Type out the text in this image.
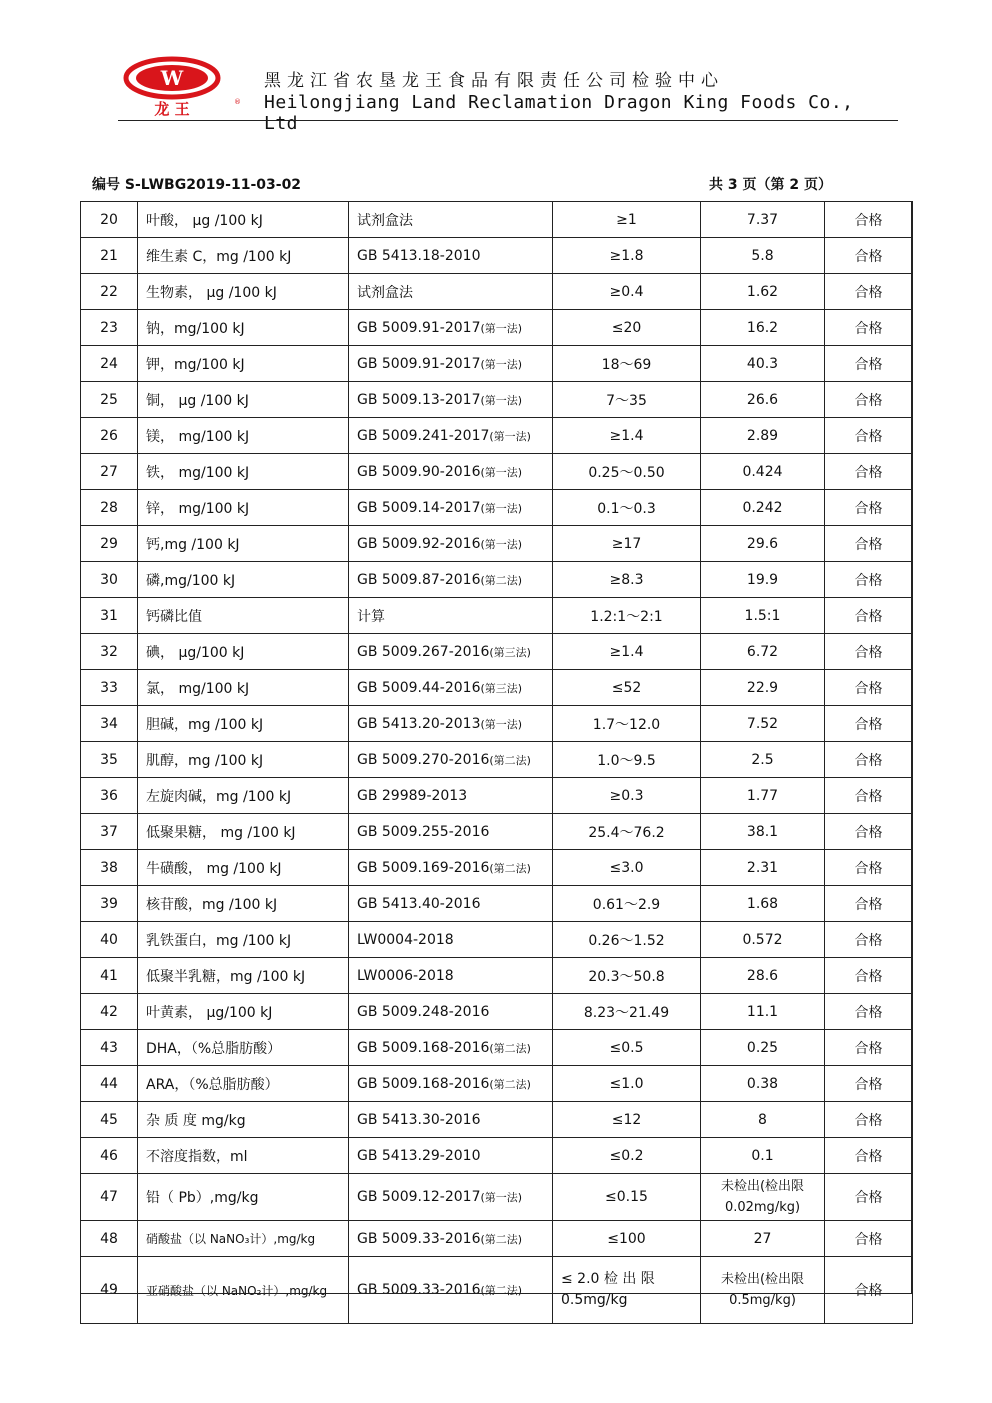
W
龙 王	®
黑龙江省农垦龙王食品有限责任公司检验中心
Heilongjiang Land Reclamation Dragon King Foods Co., Ltd
编号 S-LWBG2019-11-03-02	共 3 页（第 2 页）
20	叶酸， μg /100 kJ	试剂盒法	≥1	7.37	合格
21	维生素 C，mg /100 kJ	GB 5413.18-2010	≥1.8	5.8	合格
22	生物素， μg /100 kJ	试剂盒法	≥0.4	1.62	合格
23	钠，mg/100 kJ	GB 5009.91-2017(第一法)	≤20	16.2	合格
24	钾，mg/100 kJ	GB 5009.91-2017(第一法)	18～69	40.3	合格
25	铜， μg /100 kJ	GB 5009.13-2017(第一法)	7～35	26.6	合格
26	镁， mg/100 kJ	GB 5009.241-2017(第一法)	≥1.4	2.89	合格
27	铁， mg/100 kJ	GB 5009.90-2016(第一法)	0.25～0.50	0.424	合格
28	锌， mg/100 kJ	GB 5009.14-2017(第一法)	0.1～0.3	0.242	合格
29	钙,mg /100 kJ	GB 5009.92-2016(第一法)	≥17	29.6	合格
30	磷,mg/100 kJ	GB 5009.87-2016(第二法)	≥8.3	19.9	合格
31	钙磷比值	计算	1.2:1～2:1	1.5:1	合格
32	碘， μg/100 kJ	GB 5009.267-2016(第三法)	≥1.4	6.72	合格
33	氯， mg/100 kJ	GB 5009.44-2016(第三法)	≤52	22.9	合格
34	胆碱，mg /100 kJ	GB 5413.20-2013(第一法)	1.7～12.0	7.52	合格
35	肌醇，mg /100 kJ	GB 5009.270-2016(第二法)	1.0～9.5	2.5	合格
36	左旋肉碱，mg /100 kJ	GB 29989-2013	≥0.3	1.77	合格
37	低聚果糖， mg /100 kJ	GB 5009.255-2016	25.4～76.2	38.1	合格
38	牛磺酸， mg /100 kJ	GB 5009.169-2016(第二法)	≤3.0	2.31	合格
39	核苷酸，mg /100 kJ	GB 5413.40-2016	0.61～2.9	1.68	合格
40	乳铁蛋白，mg /100 kJ	LW0004-2018	0.26～1.52	0.572	合格
41	低聚半乳糖，mg /100 kJ	LW0006-2018	20.3～50.8	28.6	合格
42	叶黄素， μg/100 kJ	GB 5009.248-2016	8.23～21.49	11.1	合格
43	DHA，（%总脂肪酸）	GB 5009.168-2016(第二法)	≤0.5	0.25	合格
44	ARA，（%总脂肪酸）	GB 5009.168-2016(第二法)	≤1.0	0.38	合格
45	杂 质 度 mg/kg	GB 5413.30-2016	≤12	8	合格
46	不溶度指数，ml	GB 5413.29-2010	≤0.2	0.1	合格
47	铅（ Pb）,mg/kg	GB 5009.12-2017(第一法)	≤0.15	未检出(检出限 0.02mg/kg)	合格
48	硝酸盐（以 NaNO₃计）,mg/kg	GB 5009.33-2016(第二法)	≤100	27	合格
49	亚硝酸盐（以 NaNO₂计）,mg/kg	GB 5009.33-2016(第二法)	≤ 2.0 检 出 限 0.5mg/kg	未检出(检出限 0.5mg/kg)	合格
